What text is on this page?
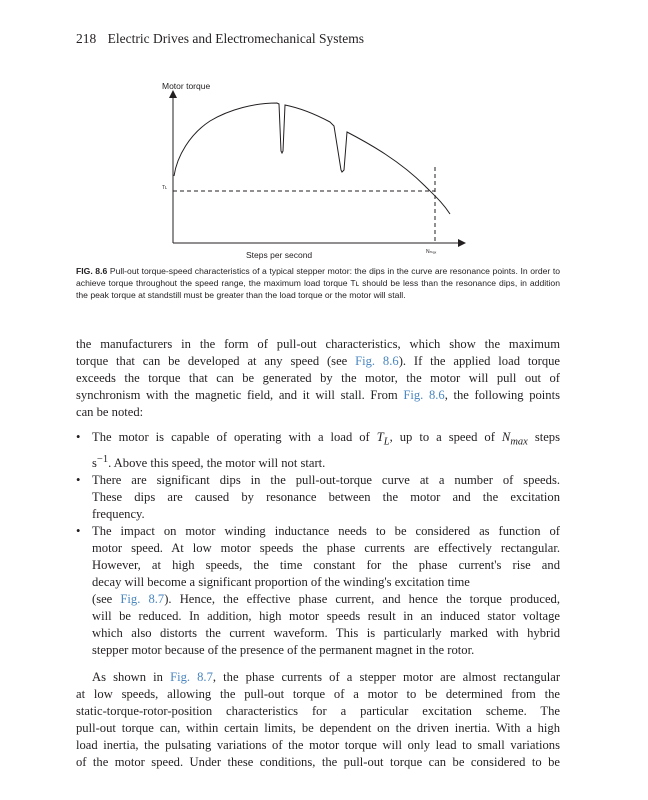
218 Electric Drives and Electromechanical Systems
Motor torque
Steps per second
Tʟ
Nₘₐₓ
FIG. 8.6 Pull-out torque-speed characteristics of a typical stepper motor: the dips in the curve are resonance points. In order to achieve torque throughout the speed range, the maximum load torque Tʟ should be less than the resonance dips, in addition the peak torque at standstill must be greater than the load torque or the motor will stall.

the manufacturers in the form of pull-out characteristics, which show the maximum
torque that can be developed at any speed (see Fig. 8.6). If the applied load torque
exceeds the torque that can be generated by the motor, the motor will pull out of
synchronism with the magnetic field, and it will stall. From Fig. 8.6, the following points
can be noted:

• The motor is capable of operating with a load of $T_L$, up to a speed of $N_{max}$ steps
$s^{-1}$. Above this speed, the motor will not start.
• There are significant dips in the pull-out-torque curve at a number of speeds.
These dips are caused by resonance between the motor and the excitation
frequency.
• The impact on motor winding inductance needs to be considered as function of
motor speed. At low motor speeds the phase currents are effectively rectangular.
However, at high speeds, the time constant for the phase current's rise and
decay will become a significant proportion of the winding's excitation time
(see Fig. 8.7). Hence, the effective phase current, and hence the torque produced,
will be reduced. In addition, high motor speeds result in an induced stator voltage
which also distorts the current waveform. This is particularly marked with hybrid
stepper motor because of the presence of the permanent magnet in the rotor.

As shown in Fig. 8.7, the phase currents of a stepper motor are almost rectangular
at low speeds, allowing the pull-out torque of a motor to be determined from the
static-torque-rotor-position characteristics for a particular excitation scheme. The
pull-out torque can, within certain limits, be dependent on the driven inertia. With a high
load inertia, the pulsating variations of the motor torque will only lead to small variations
of the motor speed. Under these conditions, the pull-out torque can be considered to be
